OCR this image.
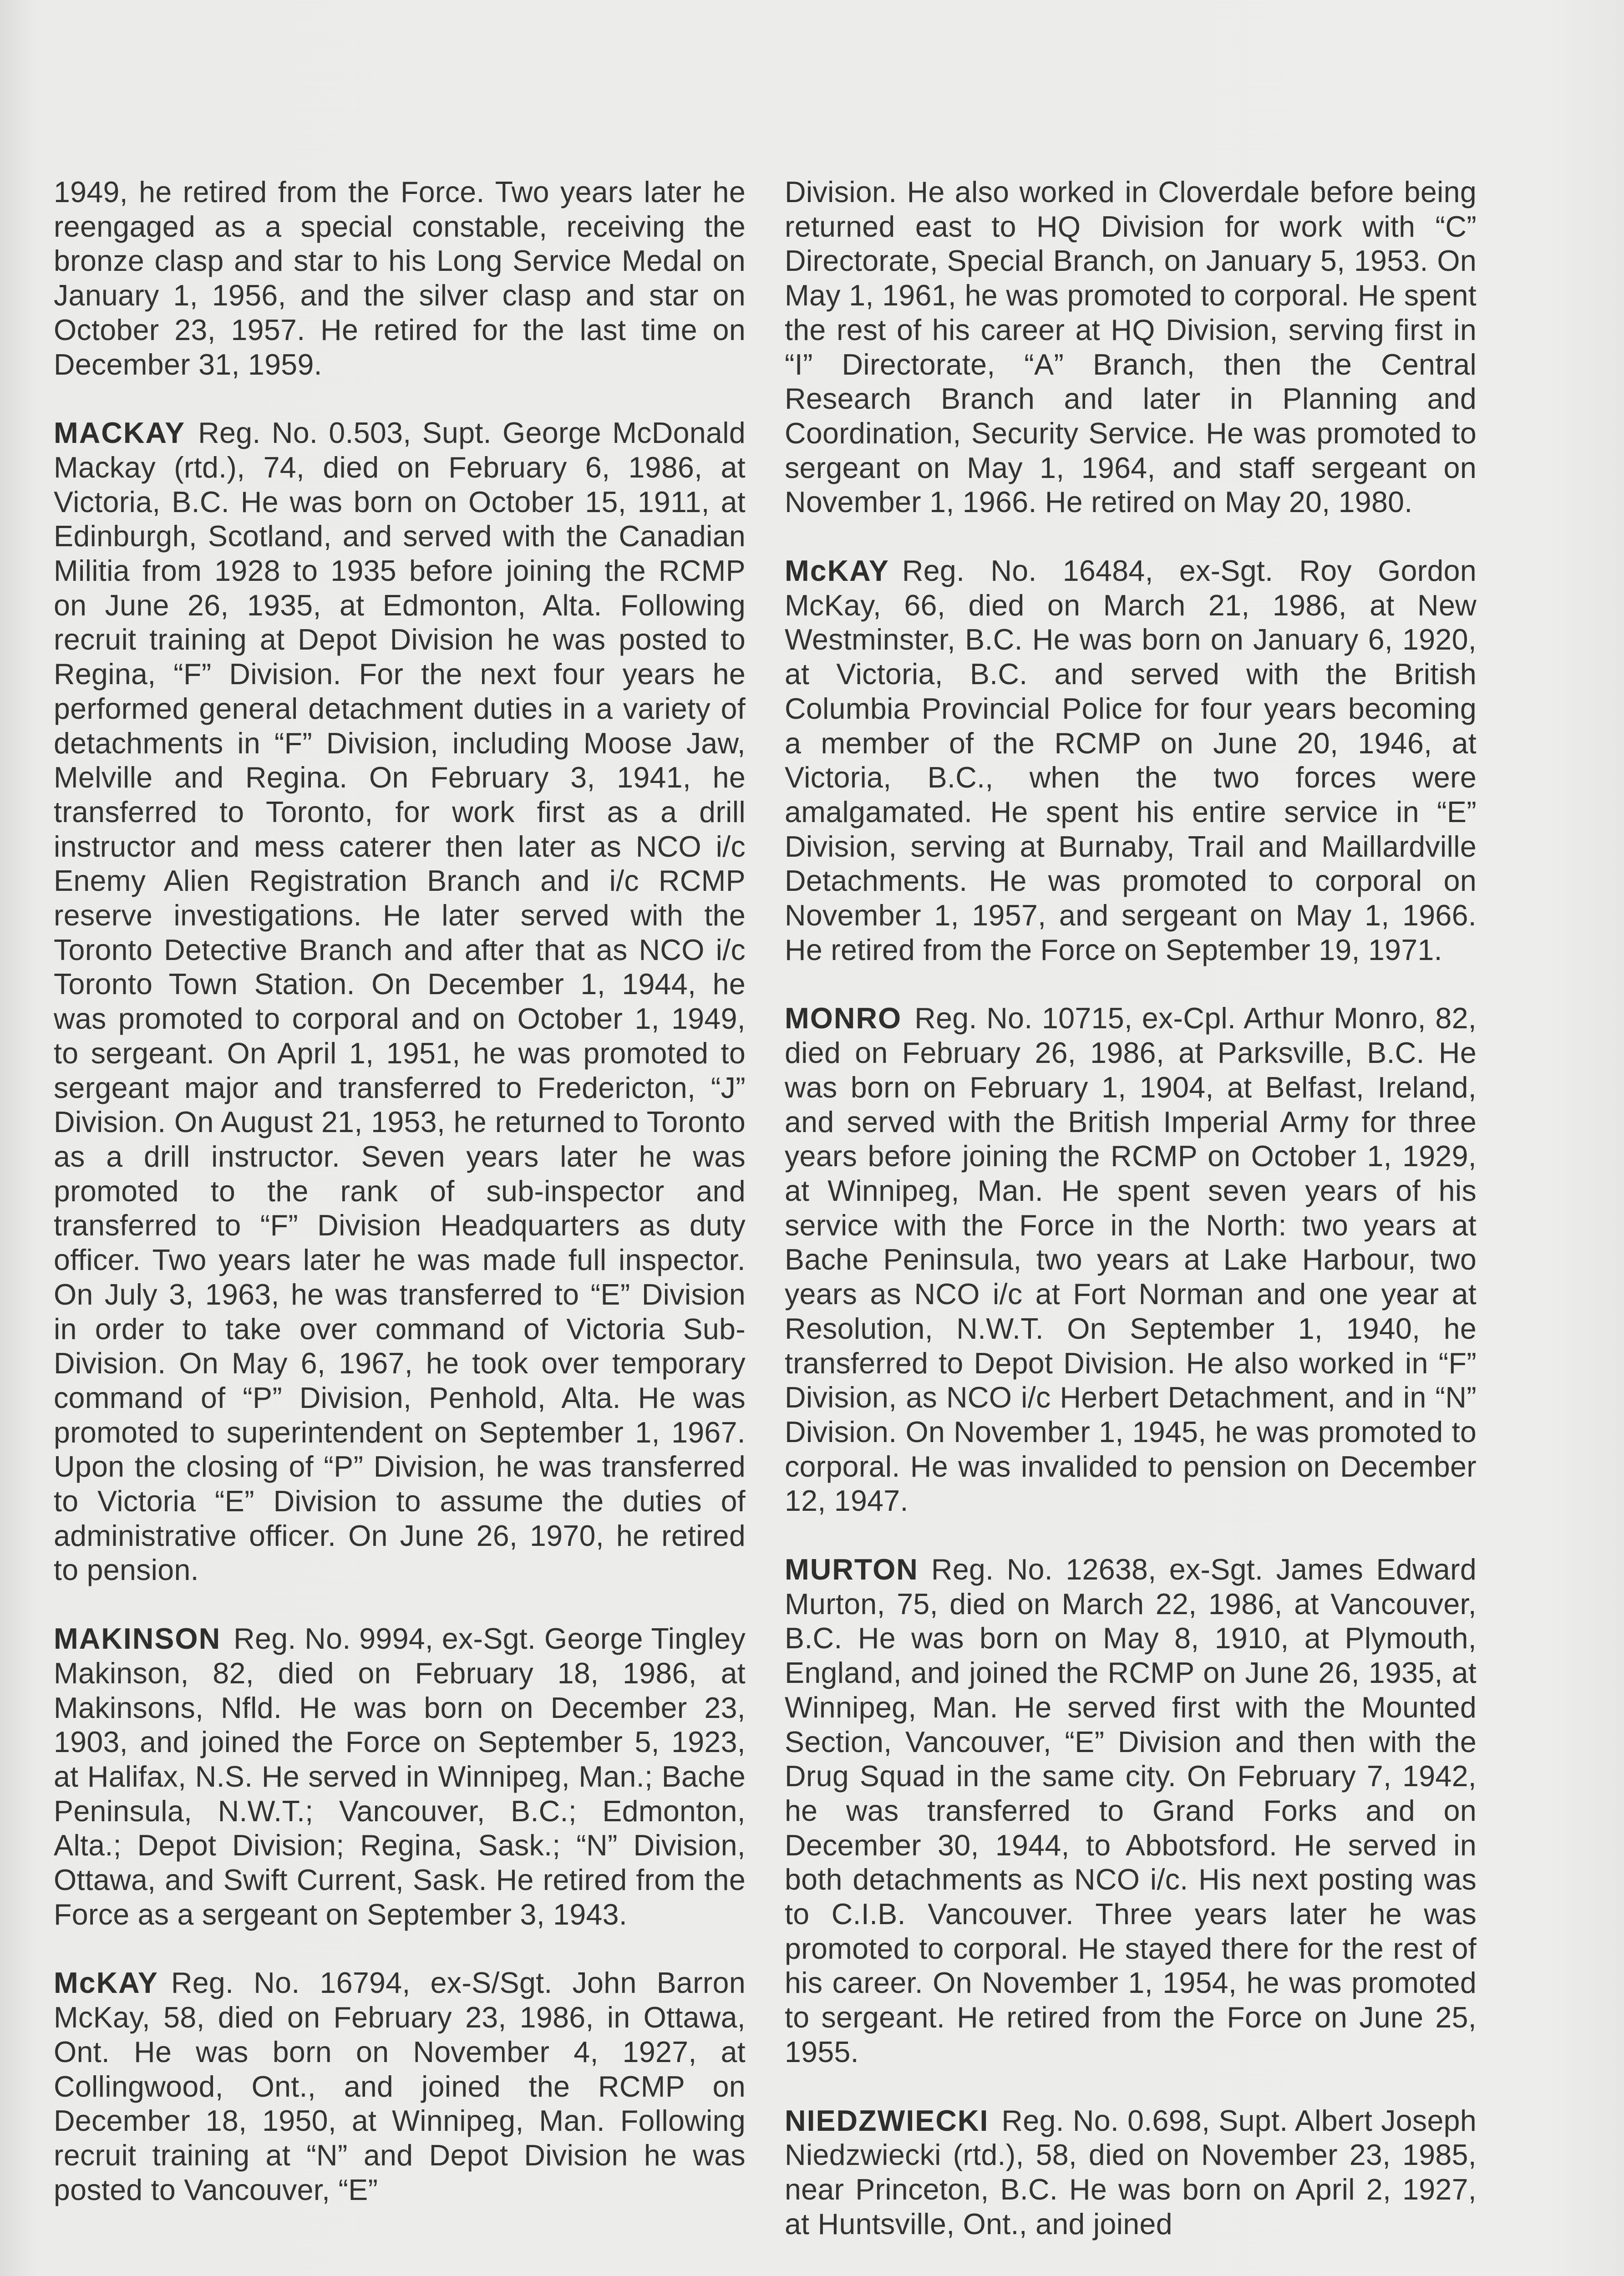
1949, he retired from the Force. Two years later he reengaged as a special constable, receiving the bronze clasp and star to his Long Service Medal on January 1, 1956, and the silver clasp and star on October 23, 1957. He retired for the last time on December 31, 1959.

MACKAY Reg. No. 0.503, Supt. George McDonald Mackay (rtd.), 74, died on February 6, 1986, at Victoria, B.C. He was born on October 15, 1911, at Edinburgh, Scotland, and served with the Canadian Militia from 1928 to 1935 before joining the RCMP on June 26, 1935, at Edmonton, Alta. Following recruit training at Depot Division he was posted to Regina, “F” Division. For the next four years he performed general detachment duties in a variety of detachments in “F” Division, including Moose Jaw, Melville and Regina. On February 3, 1941, he transferred to Toronto, for work first as a drill instructor and mess caterer then later as NCO i/c Enemy Alien Registration Branch and i/c RCMP reserve investigations. He later served with the Toronto Detective Branch and after that as NCO i/c Toronto Town Station. On December 1, 1944, he was promoted to corporal and on October 1, 1949, to sergeant. On April 1, 1951, he was promoted to sergeant major and transferred to Fredericton, “J” Division. On August 21, 1953, he returned to Toronto as a drill instructor. Seven years later he was promoted to the rank of sub-inspector and transferred to “F” Division Headquarters as duty officer. Two years later he was made full inspector. On July 3, 1963, he was transferred to “E” Division in order to take over command of Victoria Sub-Division. On May 6, 1967, he took over temporary command of “P” Division, Penhold, Alta. He was promoted to superintendent on September 1, 1967. Upon the closing of “P” Division, he was transferred to Victoria “E” Division to assume the duties of administrative officer. On June 26, 1970, he retired to pension.

MAKINSON Reg. No. 9994, ex-Sgt. George Tingley Makinson, 82, died on February 18, 1986, at Makinsons, Nfld. He was born on December 23, 1903, and joined the Force on September 5, 1923, at Halifax, N.S. He served in Winnipeg, Man.; Bache Peninsula, N.W.T.; Vancouver, B.C.; Edmonton, Alta.; Depot Division; Regina, Sask.; “N” Division, Ottawa, and Swift Current, Sask. He retired from the Force as a sergeant on September 3, 1943.

McKAY Reg. No. 16794, ex-S/Sgt. John Barron McKay, 58, died on February 23, 1986, in Ottawa, Ont. He was born on November 4, 1927, at Collingwood, Ont., and joined the RCMP on December 18, 1950, at Winnipeg, Man. Following recruit training at “N” and Depot Division he was posted to Vancouver, “E”

Division. He also worked in Cloverdale before being returned east to HQ Division for work with “C” Directorate, Special Branch, on January 5, 1953. On May 1, 1961, he was promoted to corporal. He spent the rest of his career at HQ Division, serving first in “I” Directorate, “A” Branch, then the Central Research Branch and later in Planning and Coordination, Security Service. He was promoted to sergeant on May 1, 1964, and staff sergeant on November 1, 1966. He retired on May 20, 1980.

McKAY Reg. No. 16484, ex-Sgt. Roy Gordon McKay, 66, died on March 21, 1986, at New Westminster, B.C. He was born on January 6, 1920, at Victoria, B.C. and served with the British Columbia Provincial Police for four years becoming a member of the RCMP on June 20, 1946, at Victoria, B.C., when the two forces were amalgamated. He spent his entire service in “E” Division, serving at Burnaby, Trail and Maillardville Detachments. He was promoted to corporal on November 1, 1957, and sergeant on May 1, 1966. He retired from the Force on September 19, 1971.

MONRO Reg. No. 10715, ex-Cpl. Arthur Monro, 82, died on February 26, 1986, at Parksville, B.C. He was born on February 1, 1904, at Belfast, Ireland, and served with the British Imperial Army for three years before joining the RCMP on October 1, 1929, at Winnipeg, Man. He spent seven years of his service with the Force in the North: two years at Bache Peninsula, two years at Lake Harbour, two years as NCO i/c at Fort Norman and one year at Resolution, N.W.T. On September 1, 1940, he transferred to Depot Division. He also worked in “F” Division, as NCO i/c Herbert Detachment, and in “N” Division. On November 1, 1945, he was promoted to corporal. He was invalided to pension on December 12, 1947.

MURTON Reg. No. 12638, ex-Sgt. James Edward Murton, 75, died on March 22, 1986, at Vancouver, B.C. He was born on May 8, 1910, at Plymouth, England, and joined the RCMP on June 26, 1935, at Winnipeg, Man. He served first with the Mounted Section, Vancouver, “E” Division and then with the Drug Squad in the same city. On February 7, 1942, he was transferred to Grand Forks and on December 30, 1944, to Abbotsford. He served in both detachments as NCO i/c. His next posting was to C.I.B. Vancouver. Three years later he was promoted to corporal. He stayed there for the rest of his career. On November 1, 1954, he was promoted to sergeant. He retired from the Force on June 25, 1955.

NIEDZWIECKI Reg. No. 0.698, Supt. Albert Joseph Niedzwiecki (rtd.), 58, died on November 23, 1985, near Princeton, B.C. He was born on April 2, 1927, at Huntsville, Ont., and joined
